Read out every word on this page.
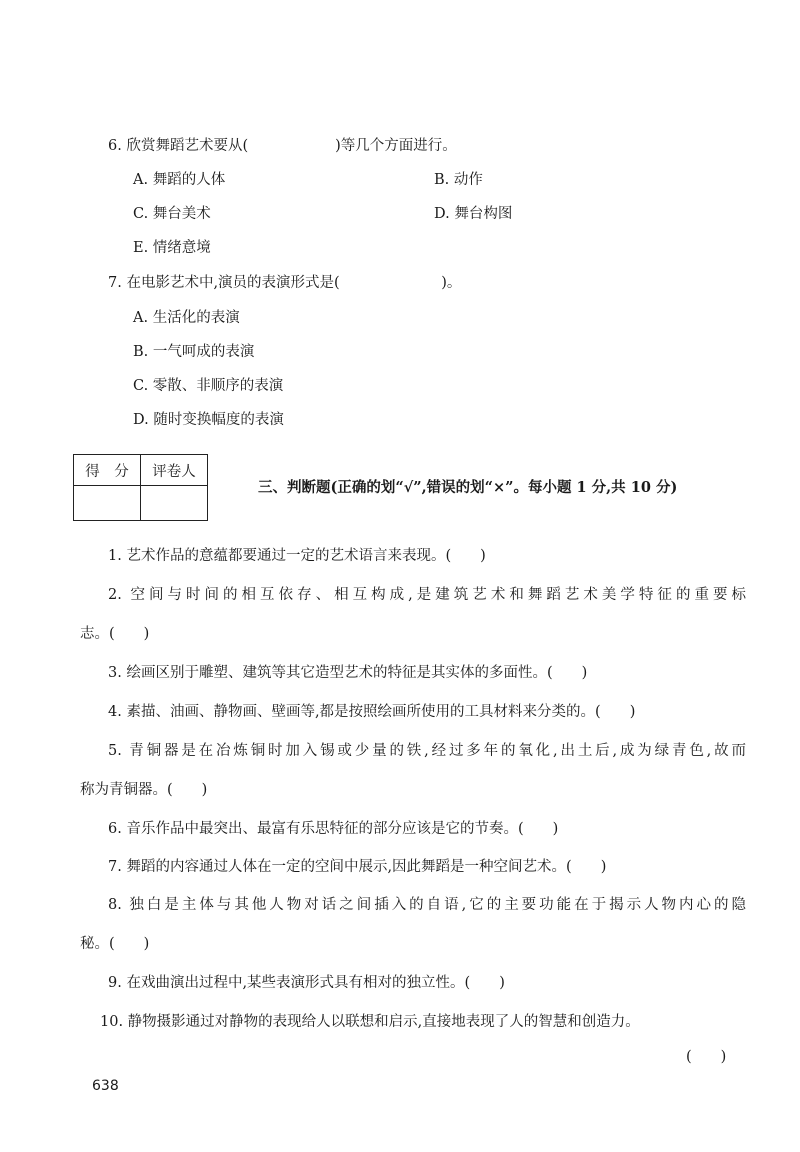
6. 欣赏舞蹈艺术要从(　　　　　　)等几个方面进行。
A. 舞蹈的人体	B. 动作
C. 舞台美术	D. 舞台构图
E. 情绪意境
7. 在电影艺术中,演员的表演形式是(　　　　　　　)。
A. 生活化的表演
B. 一气呵成的表演
C. 零散、非顺序的表演
D. 随时变换幅度的表演
得　分	评卷人

三、判断题(正确的划“√”,错误的划“×”。每小题 1 分,共 10 分)
1. 艺术作品的意蕴都要通过一定的艺术语言来表现。(　　)
2. 空间与时间的相互依存、相互构成,是建筑艺术和舞蹈艺术美学特征的重要标
志。(　　)
3. 绘画区别于雕塑、建筑等其它造型艺术的特征是其实体的多面性。(　　)
4. 素描、油画、静物画、壁画等,都是按照绘画所使用的工具材料来分类的。(　　)
5. 青铜器是在冶炼铜时加入锡或少量的铁,经过多年的氧化,出土后,成为绿青色,故而
称为青铜器。(　　)
6. 音乐作品中最突出、最富有乐思特征的部分应该是它的节奏。(　　)
7. 舞蹈的内容通过人体在一定的空间中展示,因此舞蹈是一种空间艺术。(　　)
8. 独白是主体与其他人物对话之间插入的自语,它的主要功能在于揭示人物内心的隐
秘。(　　)
9. 在戏曲演出过程中,某些表演形式具有相对的独立性。(　　)
10. 静物摄影通过对静物的表现给人以联想和启示,直接地表现了人的智慧和创造力。
(　　)
638
